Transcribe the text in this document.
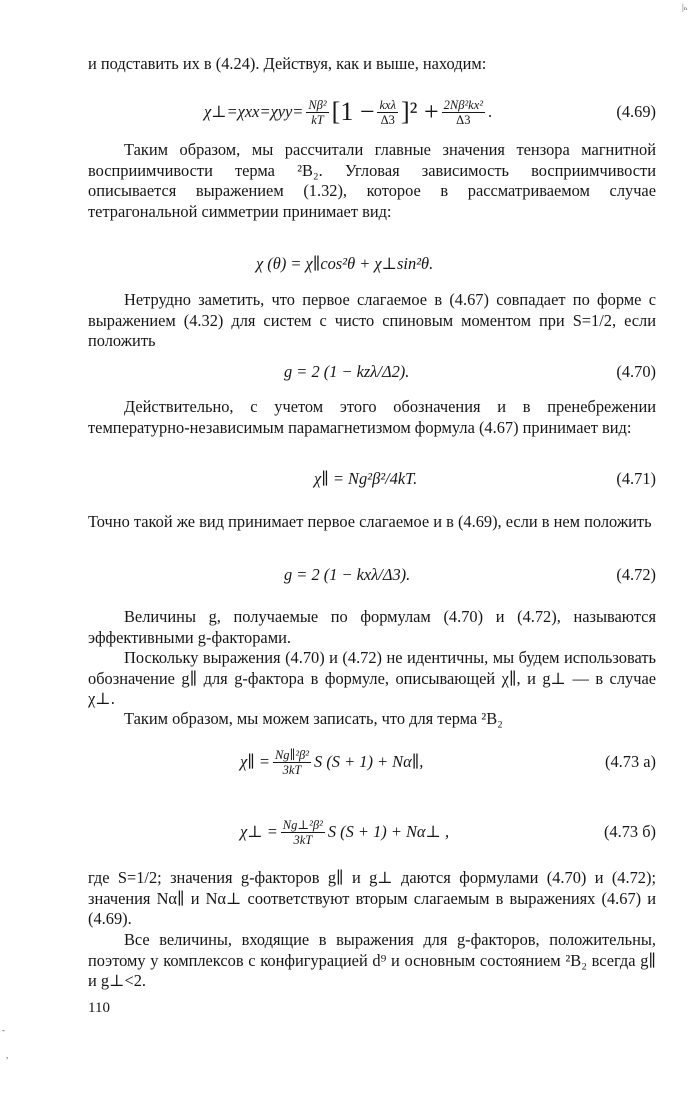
|ₙ

и подставить их в (4.24). Действуя, как и выше, находим:

χ⊥=χxx=χyy= $\frac{\text{Nβ²}}{kT} [1 - \frac{\text{kxλ}}{\Delta 3} ]^2 + \frac{\text{2Nβ²kx²}}{\Delta 3}$ .	(4.69)

Таким образом, мы рассчитали главные значения тензора магнитной восприимчивости терма ²B₂. Угловая зависимость восприимчивости описывается выражением (1.32), которое в рассматриваемом случае тетрагональной симметрии принимает вид:

χ (θ) = χ∥cos²θ + χ⊥sin²θ.

Нетрудно заметить, что первое слагаемое в (4.67) совпадает по форме с выражением (4.32) для систем с чисто спиновым моментом при S=1/2, если положить

g = 2 (1 − kzλ/Δ2).	(4.70)

Действительно, с учетом этого обозначения и в пренебрежении температурно-независимым парамагнетизмом формула (4.67) принимает вид:

χ∥ = Ng²β²/4kT.	(4.71)

Точно такой же вид принимает первое слагаемое и в (4.69), если в нем положить

g = 2 (1 − kxλ/Δ3).	(4.72)

Величины g, получаемые по формулам (4.70) и (4.72), называются эффективными g-факторами.

Поскольку выражения (4.70) и (4.72) не идентичны, мы будем использовать обозначение g∥ для g-фактора в формуле, описывающей χ∥, и g⊥ — в случае χ⊥.

Таким образом, мы можем записать, что для терма ²B₂

χ∥ = $\frac{\text{Ng∥²β²}}{3kT}$ S (S + 1) + Nα∥,	(4.73 а)
χ⊥ = $\frac{\text{Ng⊥²β²}}{3kT}$ S (S + 1) + Nα⊥ ,	(4.73 б)

где S=1/2; значения g-факторов g∥ и g⊥ даются формулами (4.70) и (4.72); значения Nα∥ и Nα⊥ соответствуют вторым слагаемым в выражениях (4.67) и (4.69).

Все величины, входящие в выражения для g-факторов, положительны, поэтому у комплексов с конфигурацией d⁹ и основным состоянием ²B₂ всегда g∥ и g⊥<2.

110
-
,
